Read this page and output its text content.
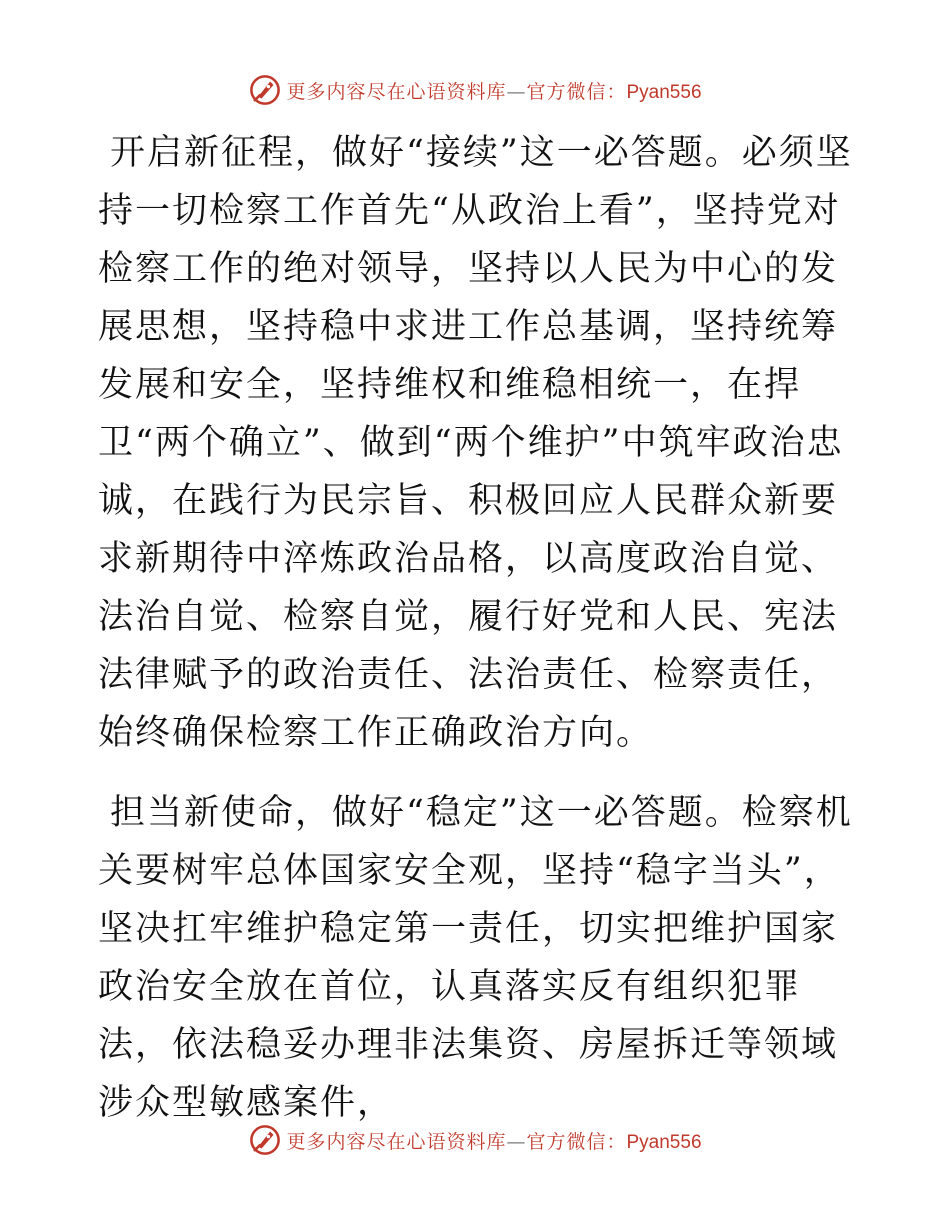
更多内容尽在心语资料库—官方微信：Pyan556

开启新征程，做好“接续”这一必答题。必须坚持一切检察工作首先“从政治上看”，坚持党对检察工作的绝对领导，坚持以人民为中心的发展思想，坚持稳中求进工作总基调，坚持统筹发展和安全，坚持维权和维稳相统一，在捍卫“两个确立”、做到“两个维护”中筑牢政治忠诚，在践行为民宗旨、积极回应人民群众新要求新期待中淬炼政治品格，以高度政治自觉、法治自觉、检察自觉，履行好党和人民、宪法法律赋予的政治责任、法治责任、检察责任，始终确保检察工作正确政治方向。

担当新使命，做好“稳定”这一必答题。检察机关要树牢总体国家安全观，坚持“稳字当头”，坚决扛牢维护稳定第一责任，切实把维护国家政治安全放在首位，认真落实反有组织犯罪法，依法稳妥办理非法集资、房屋拆迁等领域涉众型敏感案件，

更多内容尽在心语资料库—官方微信：Pyan556
